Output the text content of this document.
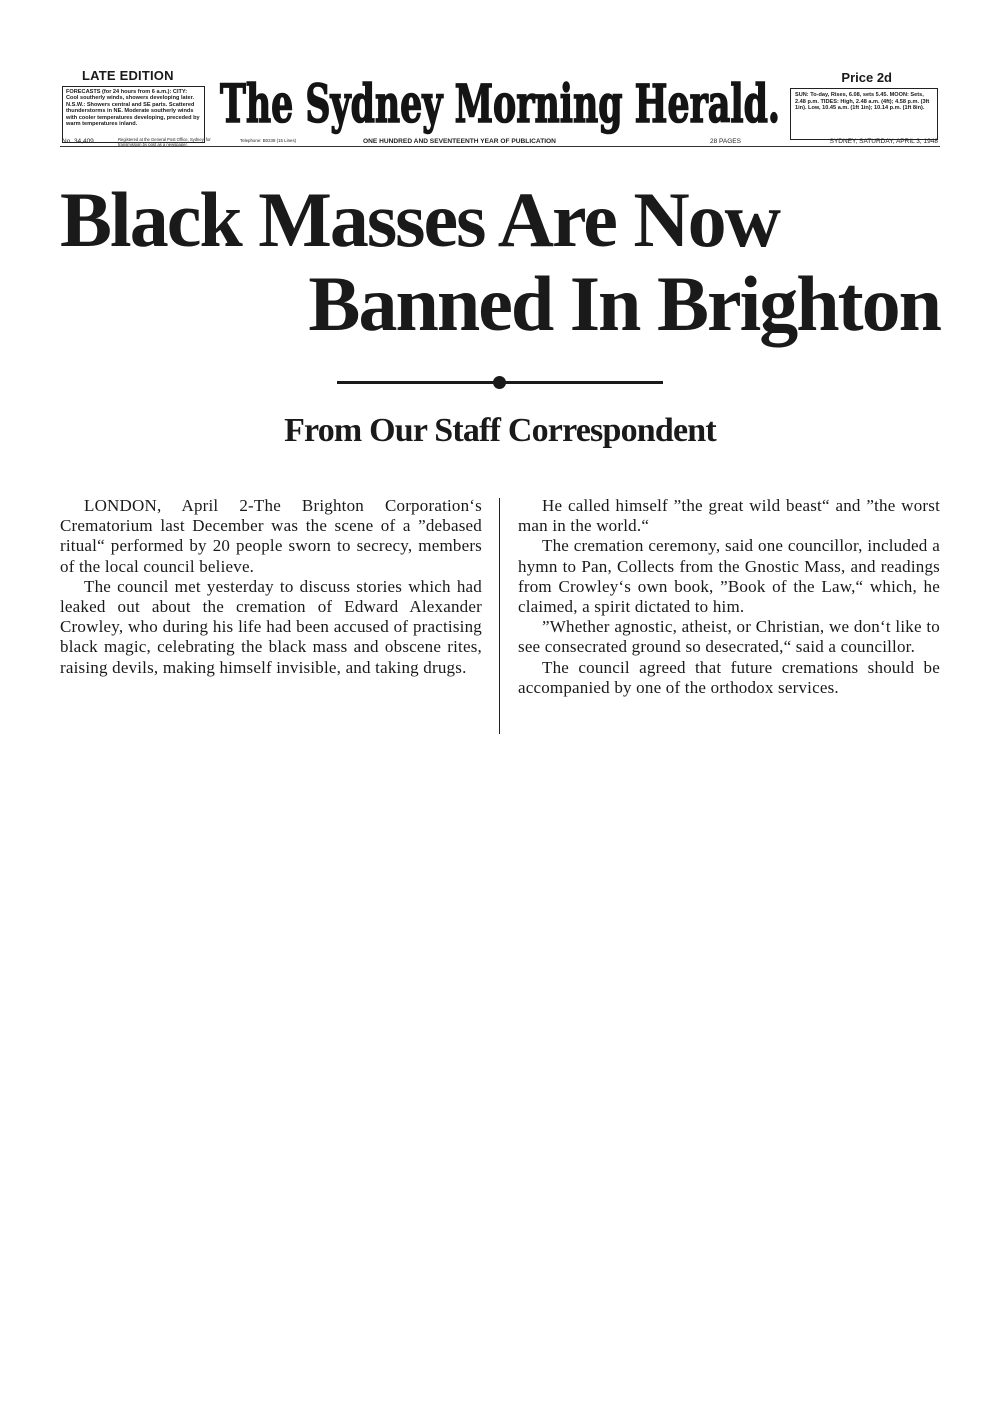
LATE EDITION
FORECASTS (for 24 hours from 6 a.m.): CITY: Cool southerly winds, showers developing later. N.S.W.: Showers central and SE parts. Scattered thunderstorms in NE. Moderate southerly winds with cooler temperatures developing, preceded by warm temperatures inland.	The Sydney Morning Herald.	Price 2d
SUN: To-day, Rises, 6.08, sets 5.45. MOON: Sets, 2.48 p.m. TIDES: High, 2.48 a.m. (4ft); 4.58 p.m. (3ft 1in). Low, 10.45 a.m. (1ft 1in); 10.14 p.m. (1ft 8in).
No. 34,409	Registered at the General Post Office, Sydney, for transmission by post as a newspaper.
Telephone: B0238 (15 Lines)	ONE HUNDRED AND SEVENTEENTH YEAR OF PUBLICATION	28 PAGES	SYDNEY, SATURDAY, APRIL 3, 1948
Black Masses Are Now
Banned In Brighton
From Our Staff Correspondent

LONDON, April 2-The Brighton Corporation‘s Crematorium last December was the scene of a ”debased ritual“ performed by 20 people sworn to secrecy, members of the local council believe.

The council met yesterday to discuss stories which had leaked out about the cremation of Edward Alexander Crowley, who during his life had been accused of practising black magic, celebrating the black mass and obscene rites, raising devils, making himself invisible, and taking drugs.

He called himself ”the great wild beast“ and ”the worst man in the world.“

The cremation ceremony, said one councillor, included a hymn to Pan, Collects from the Gnostic Mass, and readings from Crowley‘s own book, ”Book of the Law,“ which, he claimed, a spirit dictated to him.

”Whether agnostic, atheist, or Christian, we don‘t like to see consecrated ground so desecrated,“ said a councillor.

The council agreed that future cremations should be accompanied by one of the orthodox services.
